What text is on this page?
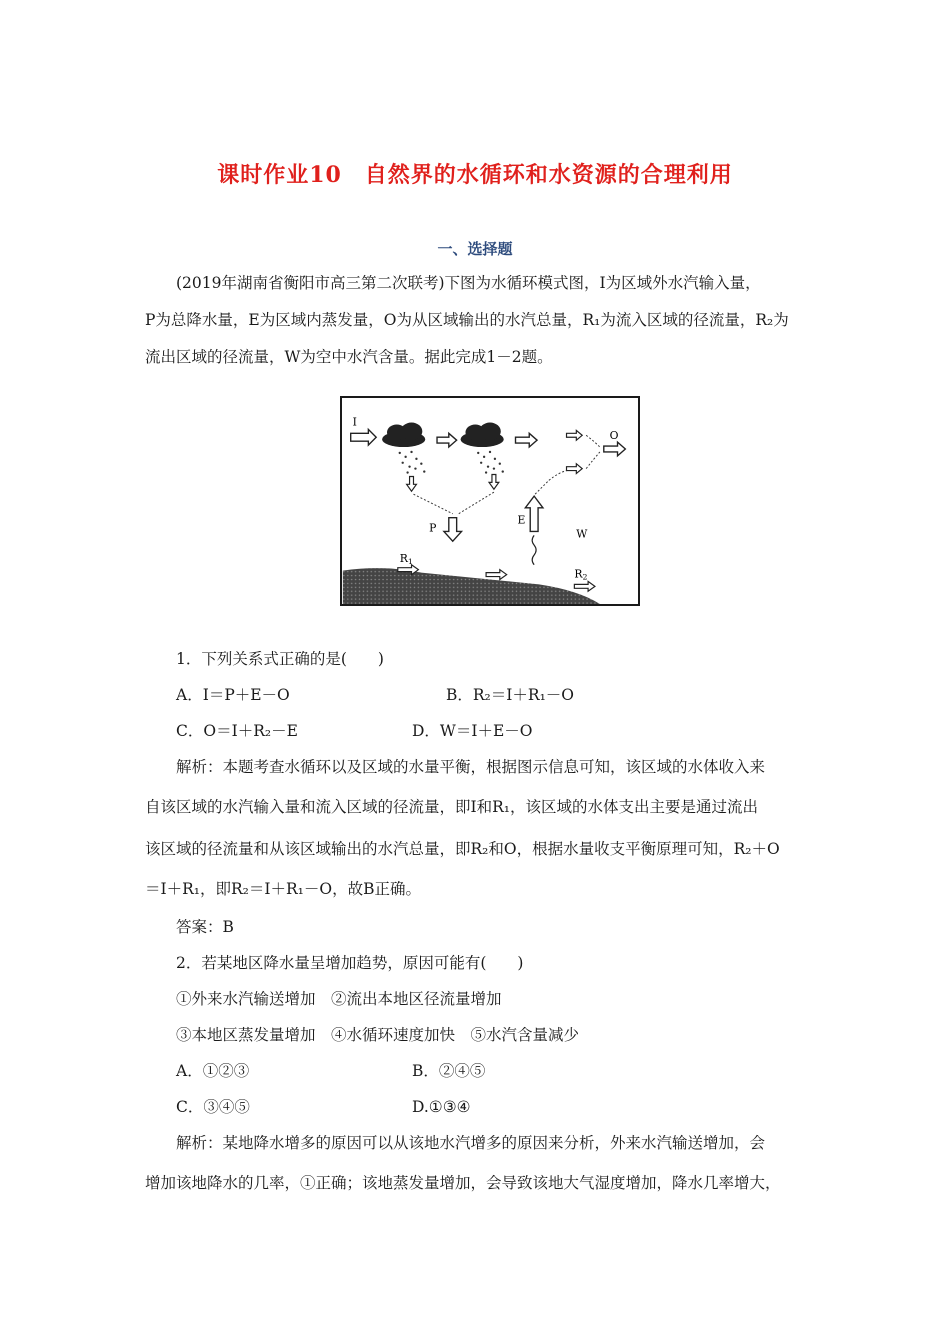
课时作业10　自然界的水循环和水资源的合理利用
一、选择题
(2019年湖南省衡阳市高三第二次联考)下图为水循环模式图，I为区域外水汽输入量，
P为总降水量，E为区域内蒸发量，O为从区域输出的水汽总量，R₁为流入区域的径流量，R₂为
流出区域的径流量，W为空中水汽含量。据此完成1－2题。
I
O
P
E
W
R1
R2
1．下列关系式正确的是(　　)
A．I＝P＋E－O	B．R₂＝I＋R₁－O
C．O＝I＋R₂－E	D．W＝I＋E－O
解析：本题考查水循环以及区域的水量平衡，根据图示信息可知，该区域的水体收入来
自该区域的水汽输入量和流入区域的径流量，即I和R₁，该区域的水体支出主要是通过流出
该区域的径流量和从该区域输出的水汽总量，即R₂和O，根据水量收支平衡原理可知，R₂＋O
＝I＋R₁，即R₂＝I＋R₁－O，故B正确。
答案：B
2．若某地区降水量呈增加趋势，原因可能有(　　)
①外来水汽输送增加　②流出本地区径流量增加
③本地区蒸发量增加　④水循环速度加快　⑤水汽含量减少
A．①②③	B．②④⑤
C．③④⑤	D.①③④
解析：某地降水增多的原因可以从该地水汽增多的原因来分析，外来水汽输送增加，会
增加该地降水的几率，①正确；该地蒸发量增加，会导致该地大气湿度增加，降水几率增大，
